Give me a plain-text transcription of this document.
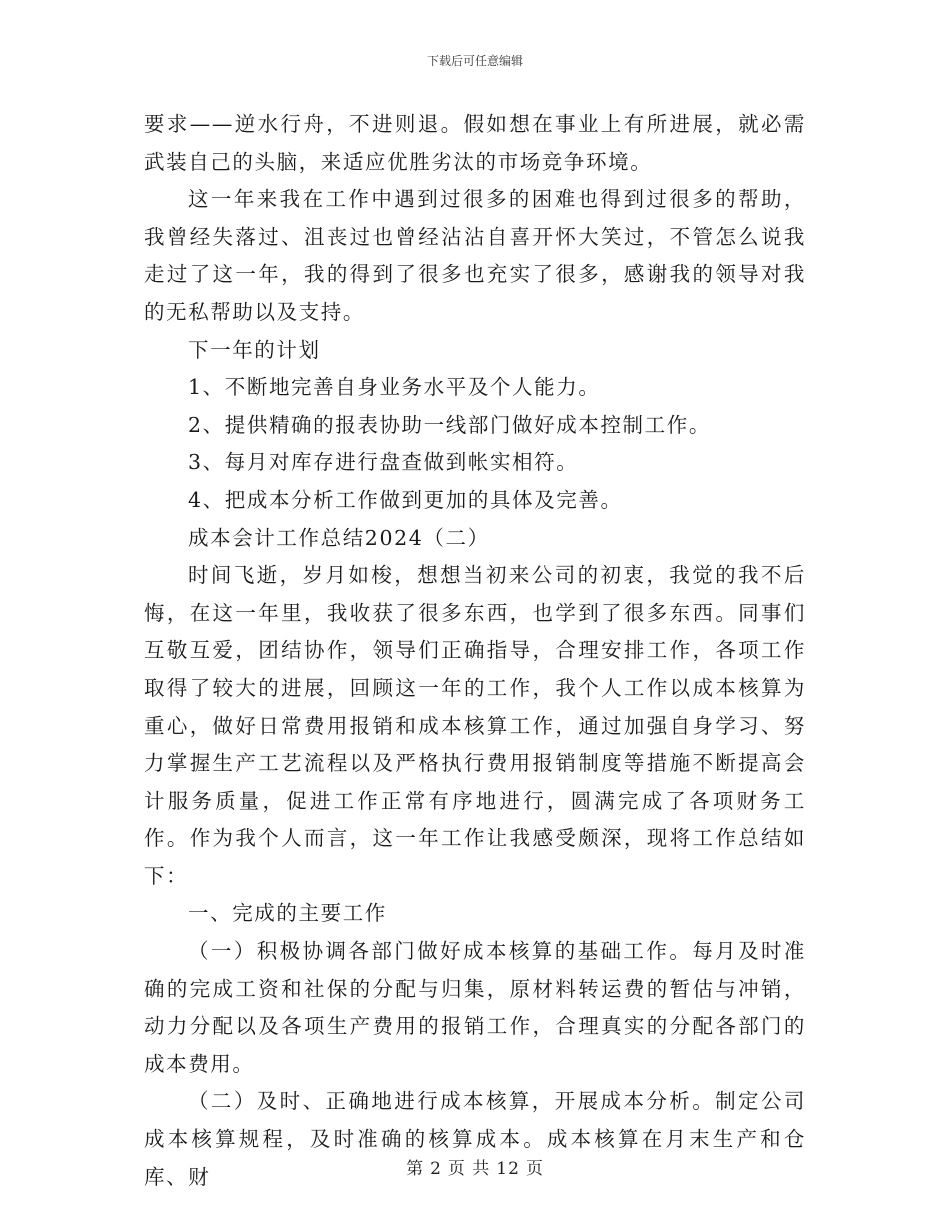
下载后可任意编辑

要求——逆水行舟，不进则退。假如想在事业上有所进展，就必需武装自己的头脑，来适应优胜劣汰的市场竞争环境。

这一年来我在工作中遇到过很多的困难也得到过很多的帮助，我曾经失落过、沮丧过也曾经沾沾自喜开怀大笑过，不管怎么说我走过了这一年，我的得到了很多也充实了很多，感谢我的领导对我的无私帮助以及支持。

下一年的计划

1、不断地完善自身业务水平及个人能力。

2、提供精确的报表协助一线部门做好成本控制工作。

3、每月对库存进行盘查做到帐实相符。

4、把成本分析工作做到更加的具体及完善。

成本会计工作总结2024（二）

时间飞逝，岁月如梭，想想当初来公司的初衷，我觉的我不后悔，在这一年里，我收获了很多东西，也学到了很多东西。同事们互敬互爱，团结协作，领导们正确指导，合理安排工作，各项工作取得了较大的进展，回顾这一年的工作，我个人工作以成本核算为重心，做好日常费用报销和成本核算工作，通过加强自身学习、努力掌握生产工艺流程以及严格执行费用报销制度等措施不断提高会计服务质量，促进工作正常有序地进行，圆满完成了各项财务工作。作为我个人而言，这一年工作让我感受颇深，现将工作总结如下：

一、完成的主要工作

（一）积极协调各部门做好成本核算的基础工作。每月及时准确的完成工资和社保的分配与归集，原材料转运费的暂估与冲销，动力分配以及各项生产费用的报销工作，合理真实的分配各部门的成本费用。

（二）及时、正确地进行成本核算，开展成本分析。制定公司成本核算规程，及时准确的核算成本。成本核算在月末生产和仓库、财	第 2 页 共 12 页
